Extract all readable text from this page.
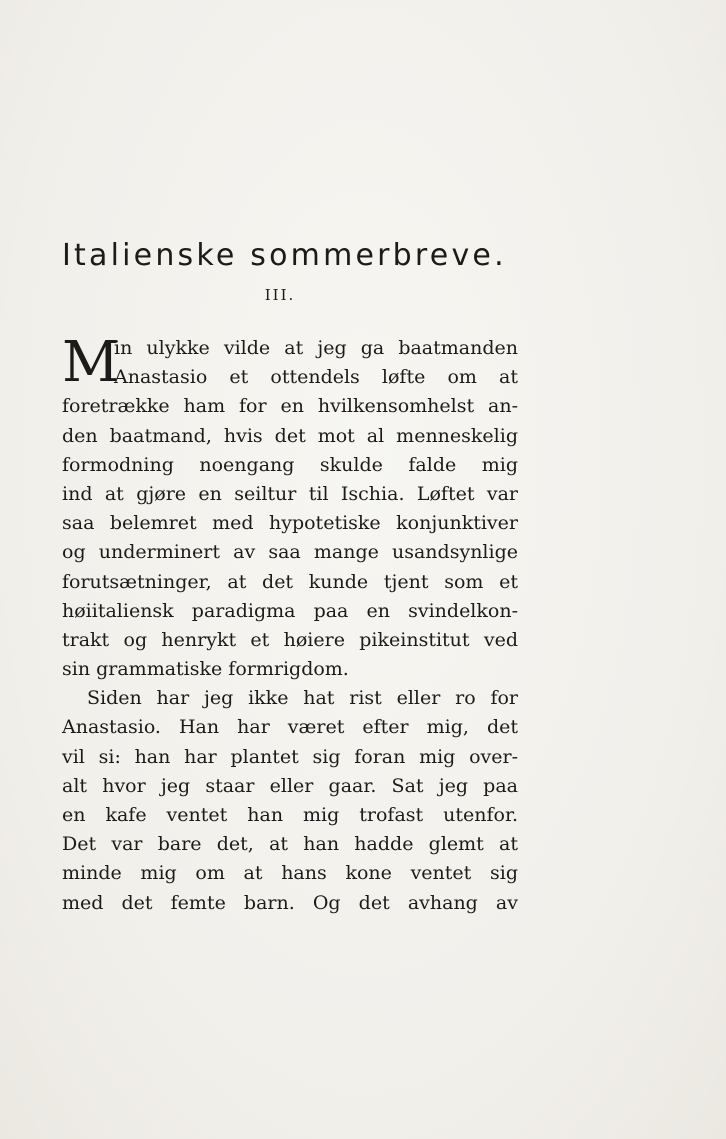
Italienske sommerbreve.
III.
M
in ulykke vilde at jeg ga baatmanden
Anastasio et ottendels løfte om at
foretrække ham for en hvilkensomhelst an-
den baatmand, hvis det mot al menneskelig
formodning noengang skulde falde mig
ind at gjøre en seiltur til Ischia. Løftet var
saa belemret med hypotetiske konjunktiver
og underminert av saa mange usandsynlige
forutsætninger, at det kunde tjent som et
høiitaliensk paradigma paa en svindelkon-
trakt og henrykt et høiere pikeinstitut ved
sin grammatiske formrigdom.
Siden har jeg ikke hat rist eller ro for
Anastasio. Han har været efter mig, det
vil si: han har plantet sig foran mig over-
alt hvor jeg staar eller gaar. Sat jeg paa
en kafe ventet han mig trofast utenfor.
Det var bare det, at han hadde glemt at
minde mig om at hans kone ventet sig
med det femte barn. Og det avhang av
